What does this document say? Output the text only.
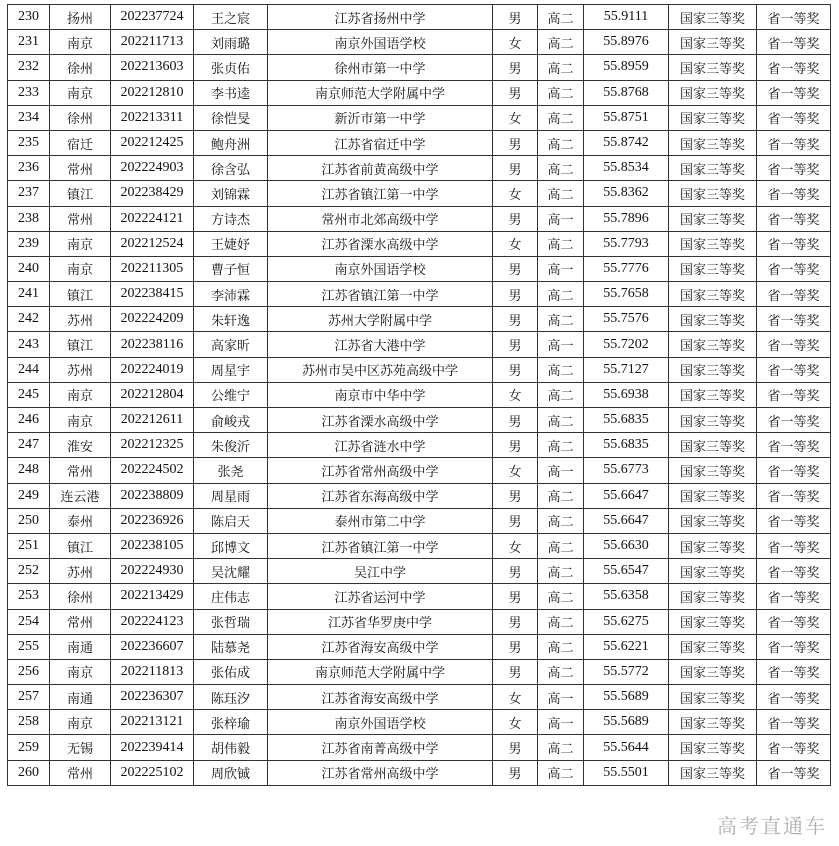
230	扬州	202237724	王之宸	江苏省扬州中学	男	高二	55.9111	国家三等奖	省一等奖
231	南京	202211713	刘雨璐	南京外国语学校	女	高二	55.8976	国家三等奖	省一等奖
232	徐州	202213603	张贞佑	徐州市第一中学	男	高二	55.8959	国家三等奖	省一等奖
233	南京	202212810	李书逵	南京师范大学附属中学	男	高二	55.8768	国家三等奖	省一等奖
234	徐州	202213311	徐恺旻	新沂市第一中学	女	高二	55.8751	国家三等奖	省一等奖
235	宿迁	202212425	鲍舟洲	江苏省宿迁中学	男	高二	55.8742	国家三等奖	省一等奖
236	常州	202224903	徐含弘	江苏省前黄高级中学	男	高二	55.8534	国家三等奖	省一等奖
237	镇江	202238429	刘锦霖	江苏省镇江第一中学	女	高二	55.8362	国家三等奖	省一等奖
238	常州	202224121	方诗杰	常州市北郊高级中学	男	高一	55.7896	国家三等奖	省一等奖
239	南京	202212524	王婕妤	江苏省溧水高级中学	女	高二	55.7793	国家三等奖	省一等奖
240	南京	202211305	曹子恒	南京外国语学校	男	高一	55.7776	国家三等奖	省一等奖
241	镇江	202238415	李沛霖	江苏省镇江第一中学	男	高二	55.7658	国家三等奖	省一等奖
242	苏州	202224209	朱轩逸	苏州大学附属中学	男	高二	55.7576	国家三等奖	省一等奖
243	镇江	202238116	高家昕	江苏省大港中学	男	高一	55.7202	国家三等奖	省一等奖
244	苏州	202224019	周星宇	苏州市吴中区苏苑高级中学	男	高二	55.7127	国家三等奖	省一等奖
245	南京	202212804	公维宁	南京市中华中学	女	高二	55.6938	国家三等奖	省一等奖
246	南京	202212611	俞峻戎	江苏省溧水高级中学	男	高二	55.6835	国家三等奖	省一等奖
247	淮安	202212325	朱俊沂	江苏省涟水中学	男	高二	55.6835	国家三等奖	省一等奖
248	常州	202224502	张尧	江苏省常州高级中学	女	高一	55.6773	国家三等奖	省一等奖
249	连云港	202238809	周星雨	江苏省东海高级中学	男	高二	55.6647	国家三等奖	省一等奖
250	泰州	202236926	陈启天	泰州市第二中学	男	高二	55.6647	国家三等奖	省一等奖
251	镇江	202238105	邱博文	江苏省镇江第一中学	女	高二	55.6630	国家三等奖	省一等奖
252	苏州	202224930	吴沈耀	吴江中学	男	高二	55.6547	国家三等奖	省一等奖
253	徐州	202213429	庄伟志	江苏省运河中学	男	高二	55.6358	国家三等奖	省一等奖
254	常州	202224123	张哲瑞	江苏省华罗庚中学	男	高二	55.6275	国家三等奖	省一等奖
255	南通	202236607	陆慕尧	江苏省海安高级中学	男	高二	55.6221	国家三等奖	省一等奖
256	南京	202211813	张佑成	南京师范大学附属中学	男	高二	55.5772	国家三等奖	省一等奖
257	南通	202236307	陈珏汐	江苏省海安高级中学	女	高一	55.5689	国家三等奖	省一等奖
258	南京	202213121	张梓瑜	南京外国语学校	女	高一	55.5689	国家三等奖	省一等奖
259	无锡	202239414	胡伟毅	江苏省南菁高级中学	男	高二	55.5644	国家三等奖	省一等奖
260	常州	202225102	周欣铖	江苏省常州高级中学	男	高二	55.5501	国家三等奖	省一等奖
高考直通车
